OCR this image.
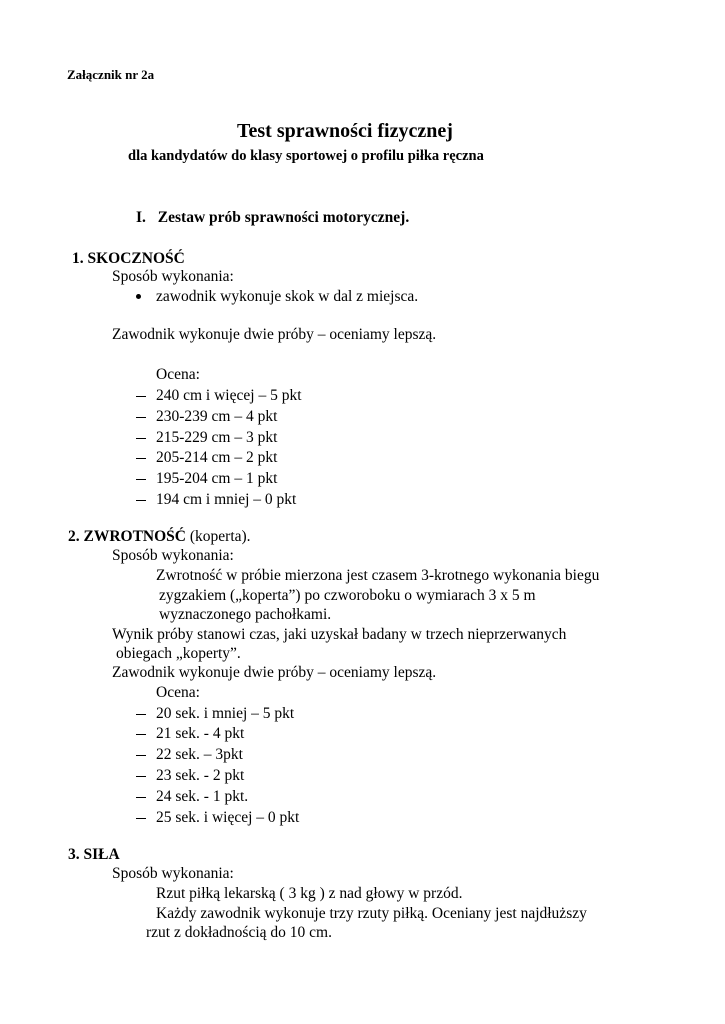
Załącznik nr 2a
Test sprawności fizycznej
dla kandydatów do klasy sportowej o profilu piłka ręczna
I. Zestaw prób sprawności motorycznej.
1. SKOCZNOŚĆ
Sposób wykonania:
zawodnik wykonuje skok w dal z miejsca.
Zawodnik wykonuje dwie próby – oceniamy lepszą.
Ocena:
240 cm i więcej – 5 pkt
230-239 cm – 4 pkt
215-229 cm – 3 pkt
205-214 cm – 2 pkt
195-204 cm – 1 pkt
194 cm i mniej – 0 pkt
2. ZWROTNOŚĆ (koperta).
Sposób wykonania:
Zwrotność w próbie mierzona jest czasem 3-krotnego wykonania biegu
zygzakiem („koperta”) po czworoboku o wymiarach 3 x 5 m
wyznaczonego pachołkami.
Wynik próby stanowi czas, jaki uzyskał badany w trzech nieprzerwanych
obiegach „koperty”.
Zawodnik wykonuje dwie próby – oceniamy lepszą.
Ocena:
20 sek. i mniej – 5 pkt
21 sek. - 4 pkt
22 sek. – 3pkt
23 sek. - 2 pkt
24 sek. - 1 pkt.
25 sek. i więcej – 0 pkt
3. SIŁA
Sposób wykonania:
Rzut piłką lekarską ( 3 kg ) z nad głowy w przód.
Każdy zawodnik wykonuje trzy rzuty piłką. Oceniany jest najdłuższy
rzut z dokładnością do 10 cm.
